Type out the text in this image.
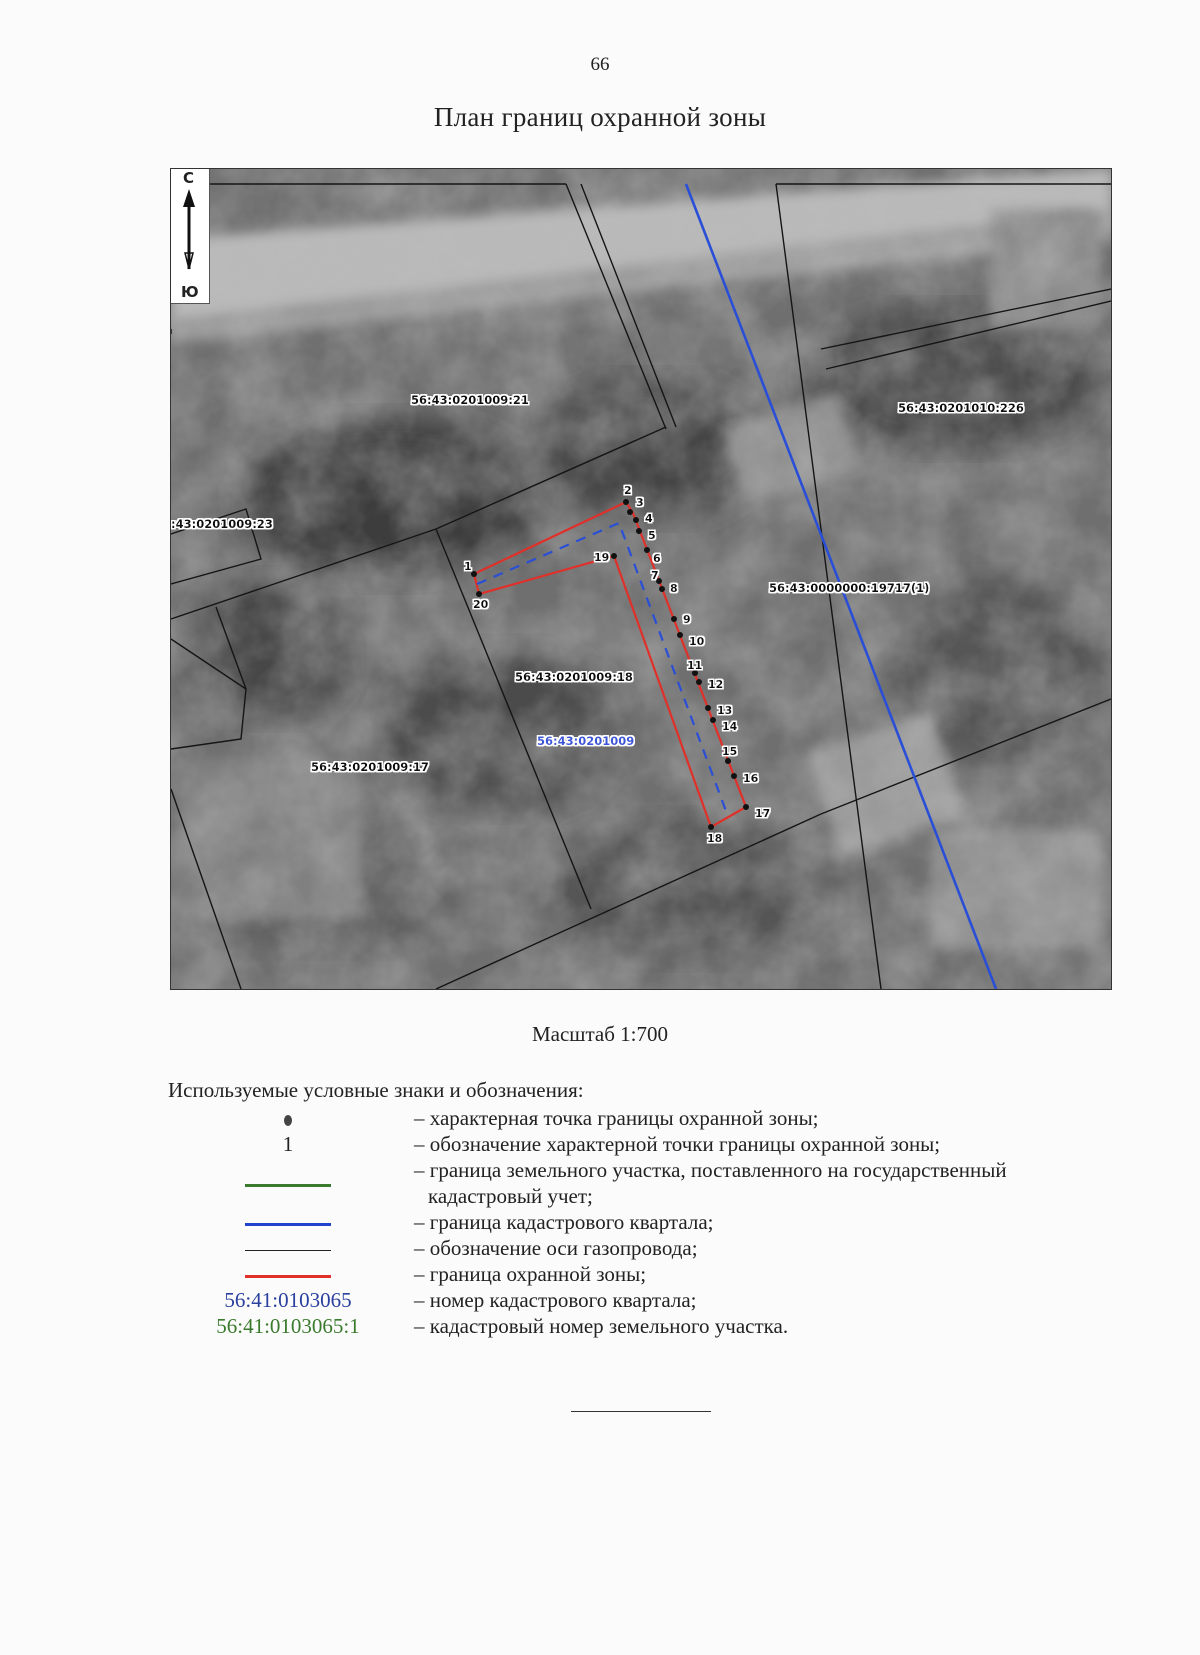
66
План границ охранной зоны
1
2
3
4
5
6
7
8
9
10
11
12
13
14
15
16
17
18
19
20
56:43:0201009:21
56:43:0201010:226
:43:0201009:23
56:43:0000000:19717(1)
56:43:0201009:18
56:43:0201009:17
56:43:0201009
С
Ю
Масштаб 1:700
Используемые условные знаки и обозначения:
– характерная точка границы охранной зоны;
1	– обозначение характерной точки границы охранной зоны;
– граница земельного участка, поставленного на государственный
кадастровый учет;
– граница кадастрового квартала;
– обозначение оси газопровода;
– граница охранной зоны;
56:41:0103065	– номер кадастрового квартала;
56:41:0103065:1	– кадастровый номер земельного участка.
